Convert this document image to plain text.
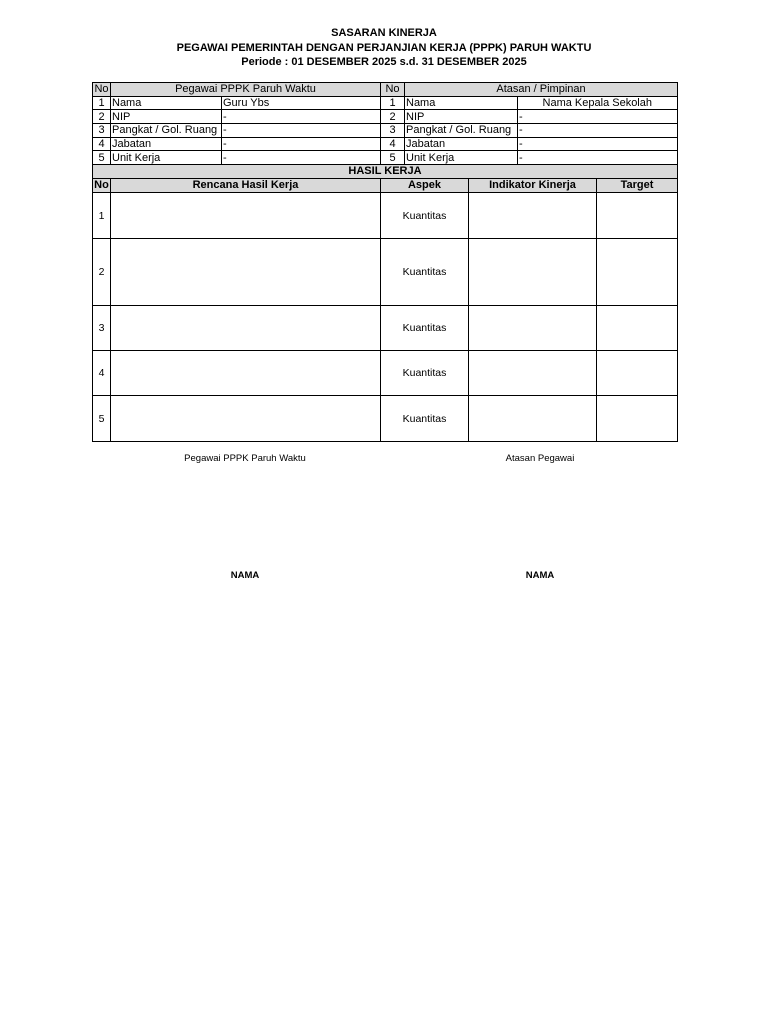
SASARAN KINERJA
PEGAWAI PEMERINTAH DENGAN PERJANJIAN KERJA (PPPK) PARUH WAKTU
Periode : 01 DESEMBER 2025 s.d. 31 DESEMBER 2025
No	Pegawai PPPK Paruh Waktu		No	Atasan / Pimpinan	
1	Nama	Guru Ybs	1	Nama	Nama Kepala Sekolah
2	NIP	-	2	NIP	-
3	Pangkat / Gol. Ruang	-	3	Pangkat / Gol. Ruang	-
4	Jabatan	-	4	Jabatan	-
5	Unit Kerja	-	5	Unit Kerja	-
HASIL KERJA					
No	Rencana Hasil Kerja	Aspek	Indikator Kinerja	Target
1		Kuantitas		
2		Kuantitas		
3		Kuantitas		
4		Kuantitas		
5		Kuantitas		
Pegawai PPPK Paruh Waktu	Atasan Pegawai
NAMA	NAMA
